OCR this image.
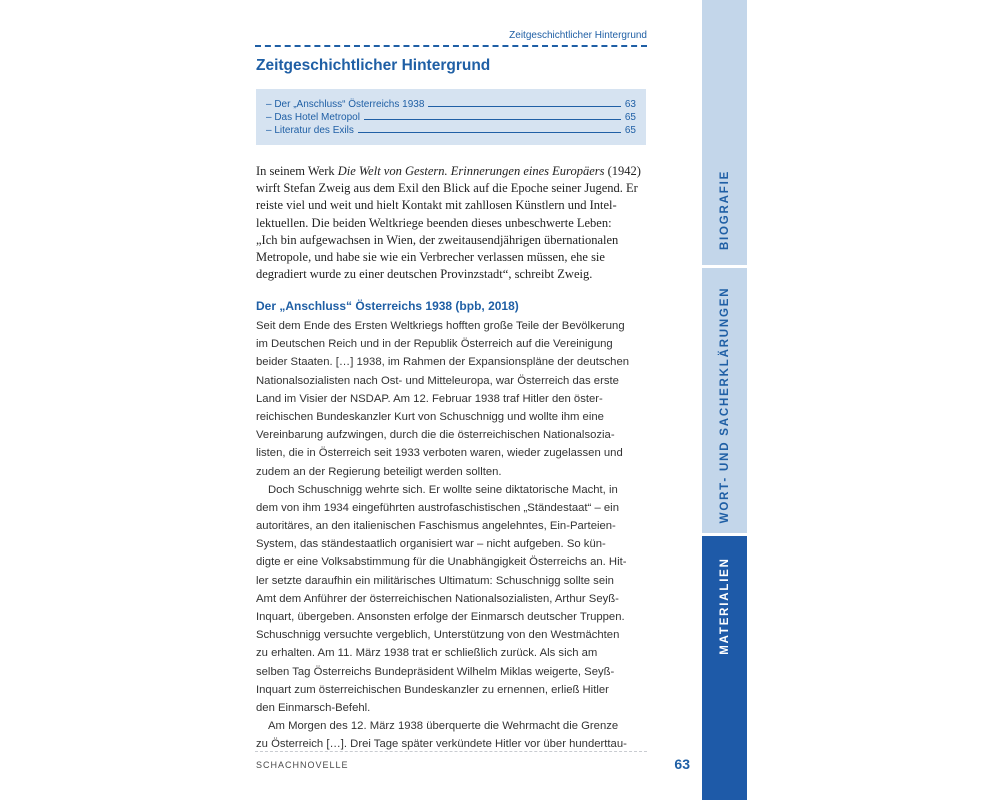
Zeitgeschichtlicher Hintergrund
Zeitgeschichtlicher Hintergrund
– Der „Anschluss“ Österreichs 1938	63
– Das Hotel Metropol	65
– Literatur des Exils	65
In seinem Werk Die Welt von Gestern. Erinnerungen eines Europäers (1942)
wirft Stefan Zweig aus dem Exil den Blick auf die Epoche seiner Jugend. Er
reiste viel und weit und hielt Kontakt mit zahllosen Künstlern und Intel-
lektuellen. Die beiden Weltkriege beenden dieses unbeschwerte Leben:
„Ich bin aufgewachsen in Wien, der zweitausendjährigen übernationalen
Metropole, und habe sie wie ein Verbrecher verlassen müssen, ehe sie
degradiert wurde zu einer deutschen Provinzstadt“, schreibt Zweig.
Der „Anschluss“ Österreichs 1938 (bpb, 2018)
Seit dem Ende des Ersten Weltkriegs hofften große Teile der Bevölkerung
im Deutschen Reich und in der Republik Österreich auf die Vereinigung
beider Staaten. […] 1938, im Rahmen der Expansionspläne der deutschen
Nationalsozialisten nach Ost- und Mitteleuropa, war Österreich das erste
Land im Visier der NSDAP. Am 12. Februar 1938 traf Hitler den öster-
reichischen Bundeskanzler Kurt von Schuschnigg und wollte ihm eine
Vereinbarung aufzwingen, durch die die österreichischen Nationalsozia-
listen, die in Österreich seit 1933 verboten waren, wieder zugelassen und
zudem an der Regierung beteiligt werden sollten.
Doch Schuschnigg wehrte sich. Er wollte seine diktatorische Macht, in
dem von ihm 1934 eingeführten austrofaschistischen „Ständestaat“ – ein
autoritäres, an den italienischen Faschismus angelehntes, Ein-Parteien-
System, das ständestaatlich organisiert war – nicht aufgeben. So kün-
digte er eine Volksabstimmung für die Unabhängigkeit Österreichs an. Hit-
ler setzte daraufhin ein militärisches Ultimatum: Schuschnigg sollte sein
Amt dem Anführer der österreichischen Nationalsozialisten, Arthur Seyß-
Inquart, übergeben. Ansonsten erfolge der Einmarsch deutscher Truppen.
Schuschnigg versuchte vergeblich, Unterstützung von den Westmächten
zu erhalten. Am 11. März 1938 trat er schließlich zurück. Als sich am
selben Tag Österreichs Bundepräsident Wilhelm Miklas weigerte, Seyß-
Inquart zum österreichischen Bundeskanzler zu ernennen, erließ Hitler
den Einmarsch-Befehl.
Am Morgen des 12. März 1938 überquerte die Wehrmacht die Grenze
zu Österreich […]. Drei Tage später verkündete Hitler vor über hunderttau-
SCHACHNOVELLE	63
BIOGRAFIE
WORT- UND SACHERKLÄRUNGEN
MATERIALIEN
